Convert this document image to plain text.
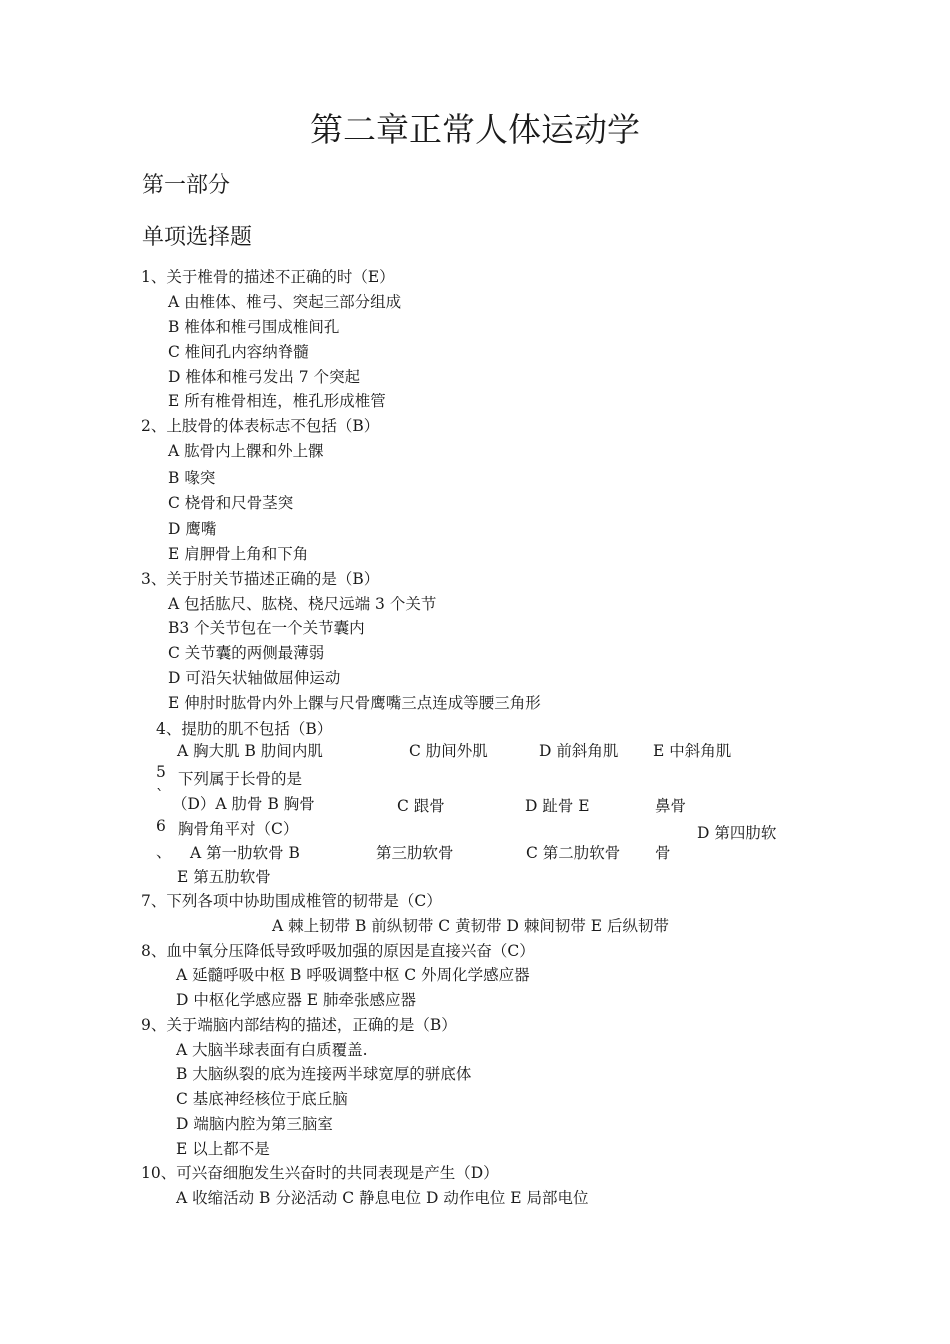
第二章正常人体运动学
第一部分
单项选择题
1、关于椎骨的描述不正确的时（E）
A 由椎体、椎弓、突起三部分组成
B 椎体和椎弓围成椎间孔
C 椎间孔内容纳脊髓
D 椎体和椎弓发出 7 个突起
E 所有椎骨相连，椎孔形成椎管
2、上肢骨的体表标志不包括（B）
A 肱骨内上髁和外上髁
B 喙突
C 桡骨和尺骨茎突
D 鹰嘴
E 肩胛骨上角和下角
3、关于肘关节描述正确的是（B）
A 包括肱尺、肱桡、桡尺远端 3 个关节
B3 个关节包在一个关节囊内
C 关节囊的两侧最薄弱
D 可沿矢状轴做屈伸运动
E 伸肘时肱骨内外上髁与尺骨鹰嘴三点连成等腰三角形
4、提肋的肌不包括（B）
A 胸大肌 B 肋间内肌	C 肋间外肌	D 前斜角肌 E 中斜角肌
5 下列属于长骨的是
` （D）A 肋骨 B 胸骨	C 跟骨	D 趾骨 E	鼻骨
6 胸骨角平对（C）	D 第四肋软
、 A 第一肋软骨 B	第三肋软骨	C 第二肋软骨 骨
E 第五肋软骨
7、下列各项中协助围成椎管的韧带是（C）
A 棘上韧带 B 前纵韧带 C 黄韧带 D 棘间韧带 E 后纵韧带
8、血中氧分压降低导致呼吸加强的原因是直接兴奋（C）
A 延髓呼吸中枢 B 呼吸调整中枢 C 外周化学感应器
D 中枢化学感应器 E 肺牵张感应器
9、关于端脑内部结构的描述，正确的是（B）
A 大脑半球表面有白质覆盖.
B 大脑纵裂的底为连接两半球宽厚的骈底体
C 基底神经核位于底丘脑
D 端脑内腔为第三脑室
E 以上都不是
10、可兴奋细胞发生兴奋时的共同表现是产生（D）
A 收缩活动 B 分泌活动 C 静息电位 D 动作电位 E 局部电位
